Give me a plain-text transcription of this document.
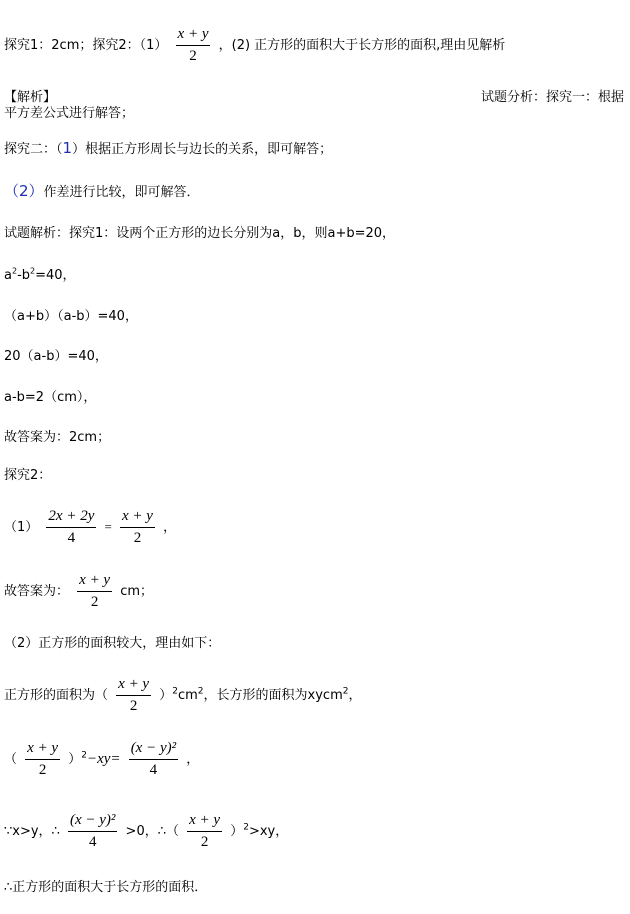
探究1：2cm；探究2：$(1) \frac{x + y}{2}$ ，(2) 正方形的面积大于长方形的面积,理由见解析
【解析】	试题分析：探究一：根据
平方差公式进行解答；
探究二：（1）根据正方形周长与边长的关系，即可解答；
（2）作差进行比较，即可解答．
试题解析：探究1：设两个正方形的边长分别为a，b，则a+b=20，
$a^2-b^2=40$，
（a+b）（a-b）=40，
20（a-b）=40，
a-b=2（cm），
故答案为：2cm；
探究2：
$(1) \frac{2x + 2y}{4} = \frac{x + y}{2}$ ，
故答案为： $\frac{x + y}{2}$ cm；
（2）正方形的面积较大，理由如下：
正方形的面积为（ $\frac{x + y}{2} )^2cm^2$，长方形的面积为xycm$^2$，
（ $\frac{x + y}{2} )^2-xy= \frac{\text{(x − y)²}}{4}$ ，
∵x>y，∴ $\frac{\text{(x − y)²}}{4} >0$，∴（ $\frac{x + y}{2} )^2>xy$，
∴正方形的面积大于长方形的面积．
